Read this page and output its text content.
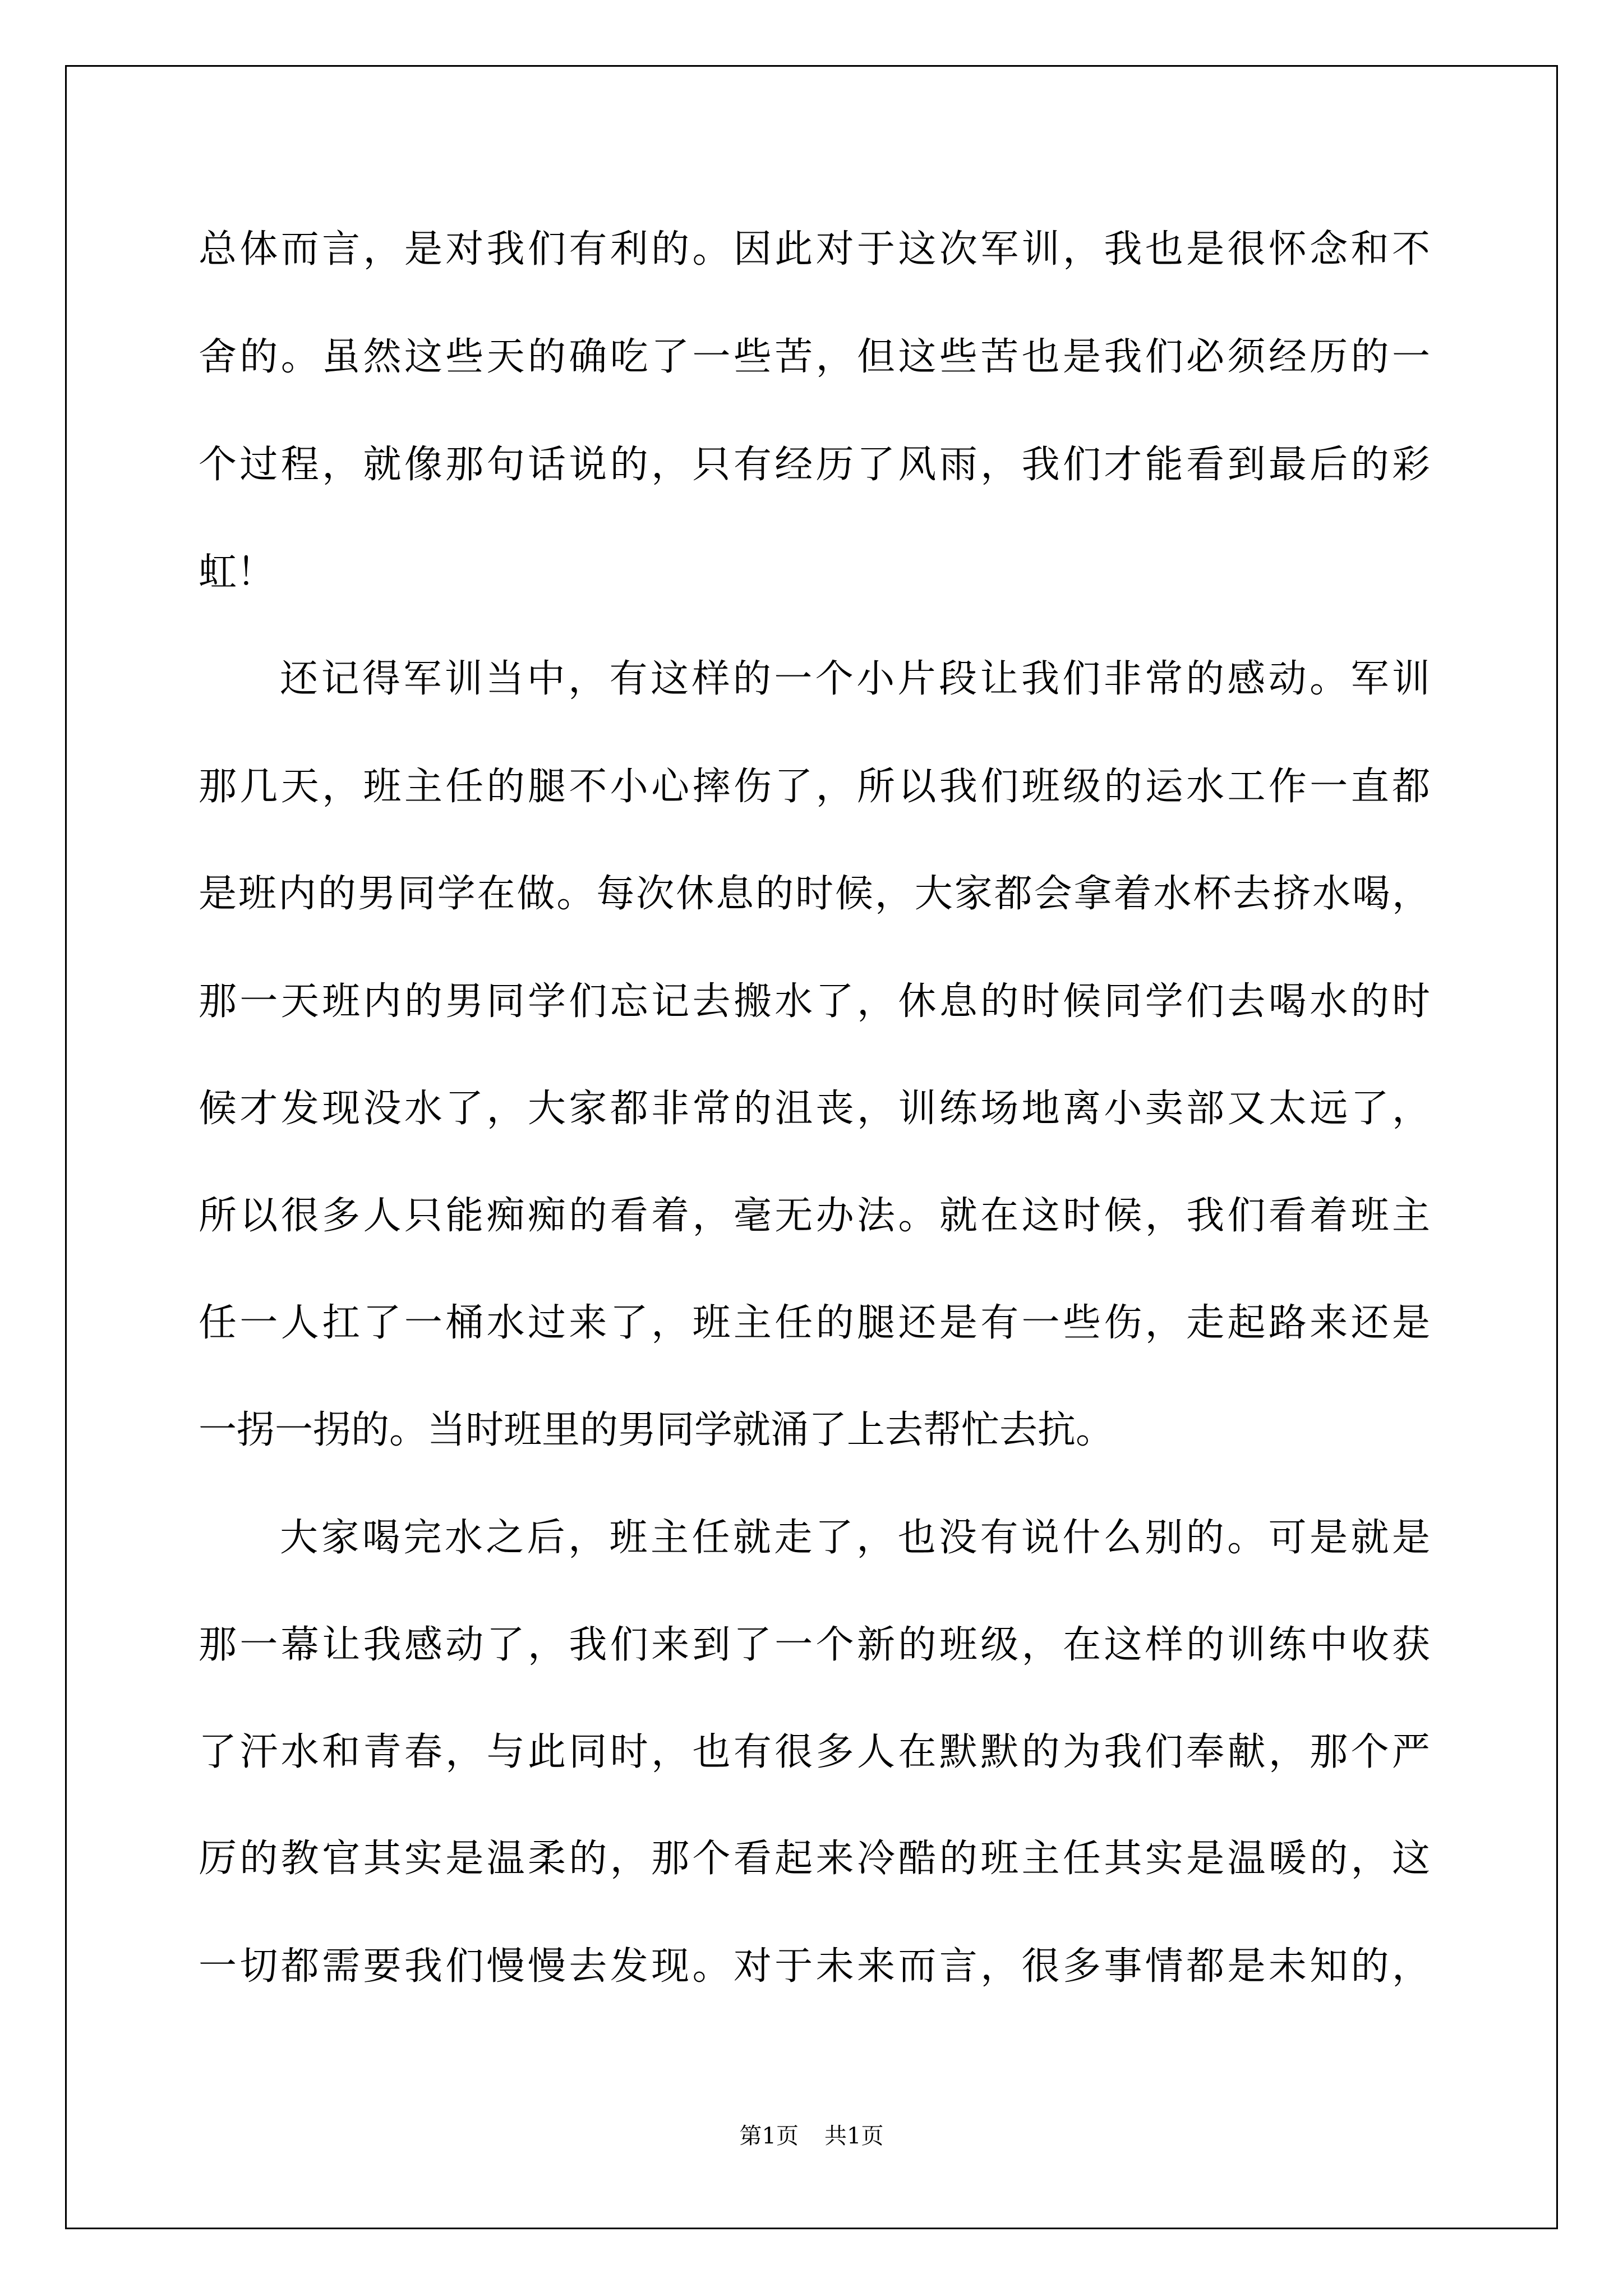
总体而言，是对我们有利的。因此对于这次军训，我也是很怀念和不

舍的。虽然这些天的确吃了一些苦，但这些苦也是我们必须经历的一

个过程，就像那句话说的，只有经历了风雨，我们才能看到最后的彩

虹！

还记得军训当中，有这样的一个小片段让我们非常的感动。军训

那几天，班主任的腿不小心摔伤了，所以我们班级的运水工作一直都

是班内的男同学在做。每次休息的时候，大家都会拿着水杯去挤水喝，

那一天班内的男同学们忘记去搬水了，休息的时候同学们去喝水的时

候才发现没水了，大家都非常的沮丧，训练场地离小卖部又太远了，

所以很多人只能痴痴的看着，毫无办法。就在这时候，我们看着班主

任一人扛了一桶水过来了，班主任的腿还是有一些伤，走起路来还是

一拐一拐的。当时班里的男同学就涌了上去帮忙去抗。

大家喝完水之后，班主任就走了，也没有说什么别的。可是就是

那一幕让我感动了，我们来到了一个新的班级，在这样的训练中收获

了汗水和青春，与此同时，也有很多人在默默的为我们奉献，那个严

厉的教官其实是温柔的，那个看起来冷酷的班主任其实是温暖的，这

一切都需要我们慢慢去发现。对于未来而言，很多事情都是未知的，

第1页 共1页
